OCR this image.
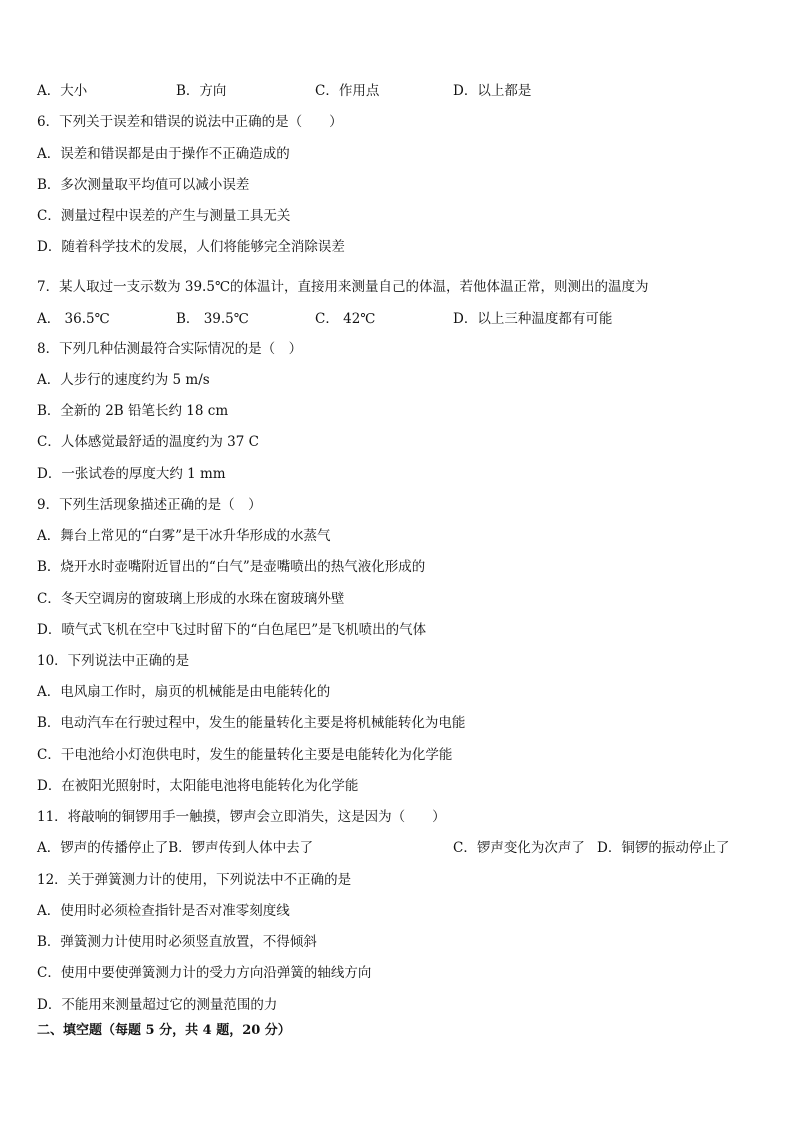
A．大小	B．方向	C．作用点	D．以上都是
6．下列关于误差和错误的说法中正确的是（　　）
A．误差和错误都是由于操作不正确造成的
B．多次测量取平均值可以减小误差
C．测量过程中误差的产生与测量工具无关
D．随着科学技术的发展，人们将能够完全消除误差
7．某人取过一支示数为 39.5℃的体温计，直接用来测量自己的体温，若他体温正常，则测出的温度为
A． 36.5℃	B． 39.5℃	C． 42℃	D．以上三种温度都有可能
8．下列几种估测最符合实际情况的是（　）
A．人步行的速度约为 5 m/s
B．全新的 2B 铅笔长约 18 cm
C．人体感觉最舒适的温度约为 37 C
D．一张试卷的厚度大约 1 mm
9．下列生活现象描述正确的是（　）
A．舞台上常见的“白雾”是干冰升华形成的水蒸气
B．烧开水时壶嘴附近冒出的“白气”是壶嘴喷出的热气液化形成的
C．冬天空调房的窗玻璃上形成的水珠在窗玻璃外壁
D．喷气式飞机在空中飞过时留下的“白色尾巴”是飞机喷出的气体
10．下列说法中正确的是
A．电风扇工作时，扇页的机械能是由电能转化的
B．电动汽车在行驶过程中，发生的能量转化主要是将机械能转化为电能
C．干电池给小灯泡供电时，发生的能量转化主要是电能转化为化学能
D．在被阳光照射时，太阳能电池将电能转化为化学能
11．将敲响的铜锣用手一触摸，锣声会立即消失，这是因为（　　）
A．锣声的传播停止了B．锣声传到人体中去了	C．锣声变化为次声了 D．铜锣的振动停止了
12．关于弹簧测力计的使用，下列说法中不正确的是
A．使用时必须检查指针是否对准零刻度线
B．弹簧测力计使用时必须竖直放置，不得倾斜
C．使用中要使弹簧测力计的受力方向沿弹簧的轴线方向
D．不能用来测量超过它的测量范围的力
二、填空题（每题 5 分，共 4 题，20 分）
